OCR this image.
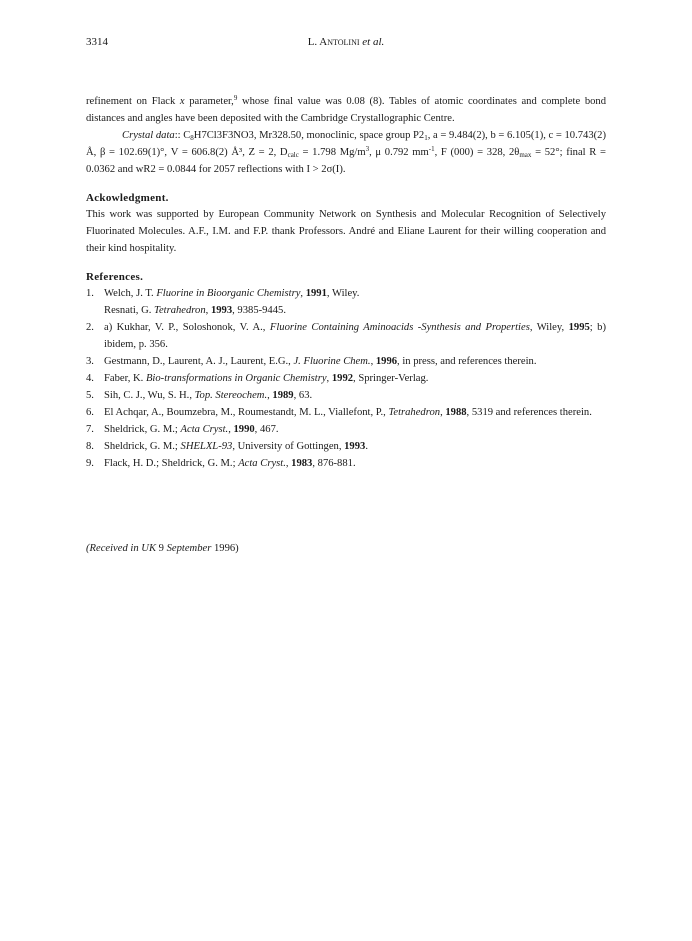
3314	L. Antolini et al.

refinement on Flack x parameter,$^9$ whose final value was 0.08 (8). Tables of atomic coordinates and complete bond distances and angles have been deposited with the Cambridge Crystallographic Centre.

Crystal data:: $C_8H7Cl3F3NO3$, Mr328.50, monoclinic, space group $P2_1$, a = 9.484(2), b = 6.105(1), c = 10.743(2) Å, β = 102.69(1)°, V = 606.8(2) Å³, Z = 2, $D_{calc} = 1.798$ $Mg/m^3$, μ 0.792 $mm^{-1}$, F (000) = 328, $2\theta_{max} = 52^\circ$; final R = 0.0362 and wR2 = 0.0844 for 2057 reflections with I > 2σ(I).

Ackowledgment.

This work was supported by European Community Network on Synthesis and Molecular Recognition of Selectively Fluorinated Molecules. A.F., I.M. and F.P. thank Professors. André and Eliane Laurent for their willing cooperation and their kind hospitality.

References.
1. Welch, J. T. Fluorine in Bioorganic Chemistry, 1991, Wiley.
Resnati, G. Tetrahedron, 1993, 9385-9445.
2. a) Kukhar, V. P., Soloshonok, V. A., Fluorine Containing Aminoacids -Synthesis and Properties, Wiley, 1995; b) ibidem, p. 356.
3. Gestmann, D., Laurent, A. J., Laurent, E.G., J. Fluorine Chem., 1996, in press, and references therein.
4. Faber, K. Bio-transformations in Organic Chemistry, 1992, Springer-Verlag.
5. Sih, C. J., Wu, S. H., Top. Stereochem., 1989, 63.
6. El Achqar, A., Boumzebra, M., Roumestandt, M. L., Viallefont, P., Tetrahedron, 1988, 5319 and references therein.
7. Sheldrick, G. M.; Acta Cryst., 1990, 467.
8. Sheldrick, G. M.; SHELXL-93, University of Gottingen, 1993.
9. Flack, H. D.; Sheldrick, G. M.; Acta Cryst., 1983, 876-881.
(Received in UK 9 September 1996)
